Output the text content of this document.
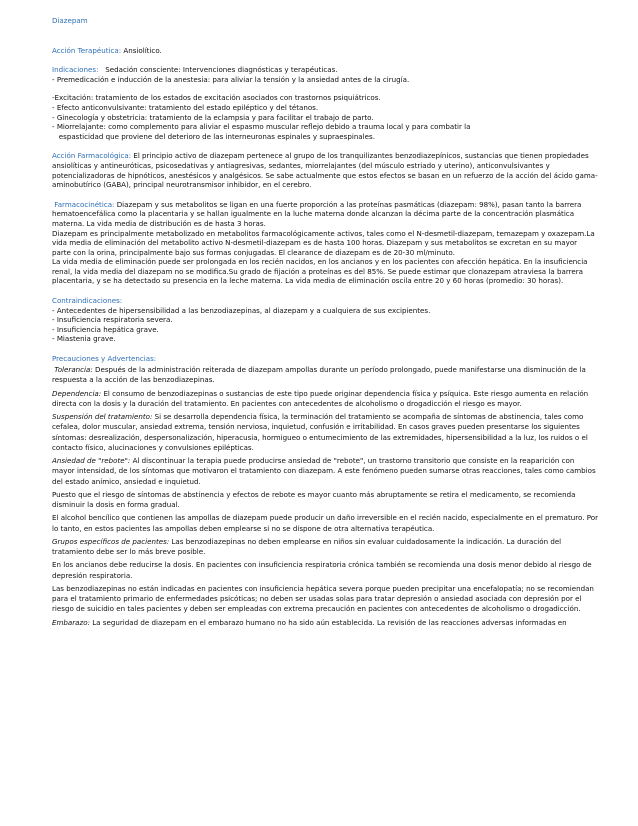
Diazepam

Acción Terapéutica: Ansiolítico.

Indicaciones: Sedación consciente: Intervenciones diagnósticas y terapéuticas.

- Premedicación e inducción de la anestesia: para aliviar la tensión y la ansiedad antes de la cirugía.

-Excitación: tratamiento de los estados de excitación asociados con trastornos psiquiátricos.

- Efecto anticonvulsivante: tratamiento del estado epiléptico y del tétanos.

- Ginecología y obstetricia: tratamiento de la eclampsia y para facilitar el trabajo de parto.

- Miorrelajante: como complemento para aliviar el espasmo muscular reflejo debido a trauma local y para combatir la

espasticidad que proviene del deterioro de las interneuronas espinales y supraespinales.

Acción Farmacológica: El principio activo de diazepam pertenece al grupo de los tranquilizantes benzodiazepínicos, sustancias que tienen propiedades ansiolíticas y antineuróticas, psicosedativas y antiagresivas, sedantes, miorrelajantes (del músculo estriado y uterino), anticonvulsivantes y potencializadoras de hipnóticos, anestésicos y analgésicos. Se sabe actualmente que estos efectos se basan en un refuerzo de la acción del ácido gama-aminobutírico (GABA), principal neurotransmisor inhibidor, en el cerebro.

Farmacocinética: Diazepam y sus metabolitos se ligan en una fuerte proporción a las proteínas pasmáticas (diazepam: 98%), pasan tanto la barrera hematoencefálica como la placentaria y se hallan igualmente en la luche materna donde alcanzan la décima parte de la concentración plasmática materna. La vida media de distribución es de hasta 3 horas.

Diazepam es principalmente metabolizado en metabolitos farmacológicamente activos, tales como el N-desmetil-diazepam, temazepam y oxazepam.La vida media de eliminación del metabolito activo N-desmetil-diazepam es de hasta 100 horas. Diazepam y sus metabolitos se excretan en su mayor parte con la orina, principalmente bajo sus formas conjugadas. El clearance de diazepam es de 20-30 ml/minuto.

La vida media de eliminación puede ser prolongada en los recién nacidos, en los ancianos y en los pacientes con afección hepática. En la insuficiencia renal, la vida media del diazepam no se modifica.Su grado de fijación a proteínas es del 85%. Se puede estimar que clonazepam atraviesa la barrera placentaria, y se ha detectado su presencia en la leche materna. La vida media de eliminación oscila entre 20 y 60 horas (promedio: 30 horas).

Contraindicaciones:

- Antecedentes de hipersensibilidad a las benzodiazepinas, al diazepam y a cualquiera de sus excipientes.

- Insuficiencia respiratoria severa.

- Insuficiencia hepática grave.

- Miastenia grave.

Precauciones y Advertencias:

Tolerancia: Después de la administración reiterada de diazepam ampollas durante un período prolongado, puede manifestarse una disminución de la respuesta a la acción de las benzodiazepinas.

Dependencia: El consumo de benzodiazepinas o sustancias de este tipo puede originar dependencia física y psíquica. Este riesgo aumenta en relación directa con la dosis y la duración del tratamiento. En pacientes con antecedentes de alcoholismo o drogadicción el riesgo es mayor.

Suspensión del tratamiento: Si se desarrolla dependencia física, la terminación del tratamiento se acompaña de síntomas de abstinencia, tales como cefalea, dolor muscular, ansiedad extrema, tensión nerviosa, inquietud, confusión e irritabilidad. En casos graves pueden presentarse los siguientes síntomas: desrealización, despersonalización, hiperacusia, hormigueo o entumecimiento de las extremidades, hipersensibilidad a la luz, los ruidos o el contacto físico, alucinaciones y convulsiones epilépticas.

Ansiedad de "rebote": Al discontinuar la terapia puede producirse ansiedad de "rebote", un trastorno transitorio que consiste en la reaparición con mayor intensidad, de los síntomas que motivaron el tratamiento con diazepam. A este fenómeno pueden sumarse otras reacciones, tales como cambios del estado anímico, ansiedad e inquietud.

Puesto que el riesgo de síntomas de abstinencia y efectos de rebote es mayor cuanto más abruptamente se retira el medicamento, se recomienda disminuir la dosis en forma gradual.

El alcohol bencílico que contienen las ampollas de diazepam puede producir un daño irreversible en el recién nacido, especialmente en el prematuro. Por lo tanto, en estos pacientes las ampollas deben emplearse si no se dispone de otra alternativa terapéutica.

Grupos específicos de pacientes: Las benzodiazepinas no deben emplearse en niños sin evaluar cuidadosamente la indicación. La duración del tratamiento debe ser lo más breve posible.

En los ancianos debe reducirse la dosis. En pacientes con insuficiencia respiratoria crónica también se recomienda una dosis menor debido al riesgo de depresión respiratoria.

Las benzodiazepinas no están indicadas en pacientes con insuficiencia hepática severa porque pueden precipitar una encefalopatía; no se recomiendan para el tratamiento primario de enfermedades psicóticas; no deben ser usadas solas para tratar depresión o ansiedad asociada con depresión por el riesgo de suicidio en tales pacientes y deben ser empleadas con extrema precaución en pacientes con antecedentes de alcoholismo o drogadicción.

Embarazo: La seguridad de diazepam en el embarazo humano no ha sido aún establecida. La revisión de las reacciones adversas informadas en
